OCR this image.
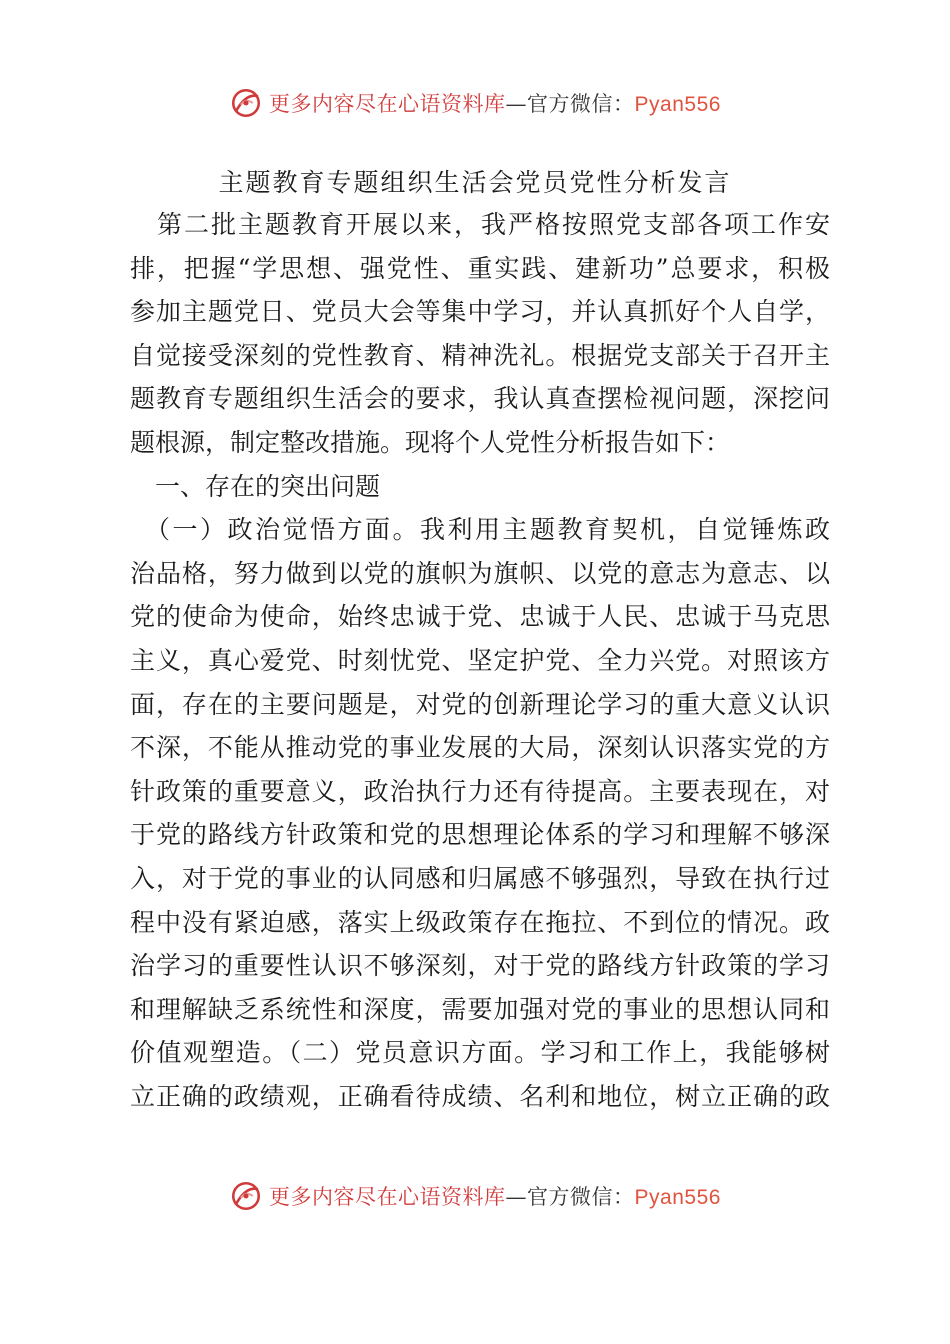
更多内容尽在心语资料库—官方微信：Pyan556
主题教育专题组织生活会党员党性分析发言
　第二批主题教育开展以来，我严格按照党支部各项工作安
排，把握“学思想、强党性、重实践、建新功”总要求，积极
参加主题党日、党员大会等集中学习，并认真抓好个人自学，
自觉接受深刻的党性教育、精神洗礼。根据党支部关于召开主
题教育专题组织生活会的要求，我认真查摆检视问题，深挖问
题根源，制定整改措施。现将个人党性分析报告如下：
　一、存在的突出问题
　（一）政治觉悟方面。我利用主题教育契机，自觉锤炼政
治品格，努力做到以党的旗帜为旗帜、以党的意志为意志、以
党的使命为使命，始终忠诚于党、忠诚于人民、忠诚于马克思
主义，真心爱党、时刻忧党、坚定护党、全力兴党。对照该方
面，存在的主要问题是，对党的创新理论学习的重大意义认识
不深，不能从推动党的事业发展的大局，深刻认识落实党的方
针政策的重要意义，政治执行力还有待提高。主要表现在，对
于党的路线方针政策和党的思想理论体系的学习和理解不够深
入，对于党的事业的认同感和归属感不够强烈，导致在执行过
程中没有紧迫感，落实上级政策存在拖拉、不到位的情况。政
治学习的重要性认识不够深刻，对于党的路线方针政策的学习
和理解缺乏系统性和深度，需要加强对党的事业的思想认同和
价值观塑造。（二）党员意识方面。学习和工作上，我能够树
立正确的政绩观，正确看待成绩、名利和地位，树立正确的政
更多内容尽在心语资料库—官方微信：Pyan556
